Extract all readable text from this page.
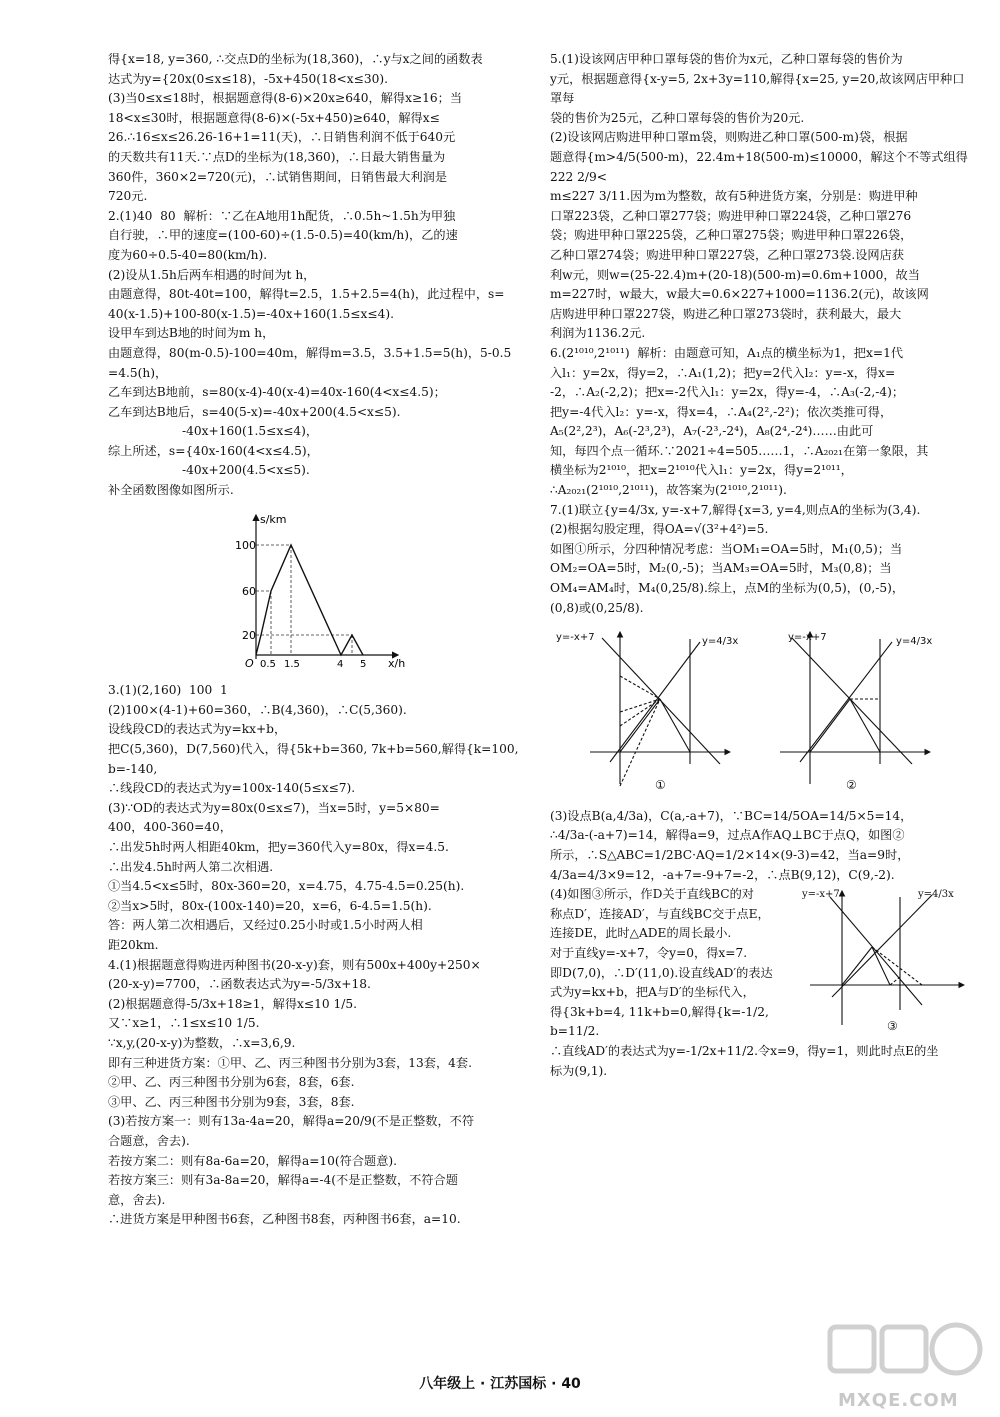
得{x=18, y=360, ∴交点D的坐标为(18,360)，∴y与x之间的函数表

达式为y={20x(0≤x≤18)，-5x+450(18<x≤30).

(3)当0≤x≤18时，根据题意得(8-6)×20x≥640，解得x≥16；当

18<x≤30时，根据题意得(8-6)×(-5x+450)≥640，解得x≤

26.∴16≤x≤26.26-16+1=11(天)，∴日销售利润不低于640元

的天数共有11天.∵点D的坐标为(18,360)，∴日最大销售量为

360件，360×2=720(元)，∴试销售期间，日销售最大利润是

720元.

2.(1)40  80  解析：∵乙在A地用1h配货，∴0.5h~1.5h为甲独

自行驶，∴甲的速度=(100-60)÷(1.5-0.5)=40(km/h)，乙的速

度为60÷0.5-40=80(km/h).

(2)设从1.5h后两车相遇的时间为t h，

由题意得，80t-40t=100，解得t=2.5，1.5+2.5=4(h)，此过程中，s=

40(x-1.5)+100-80(x-1.5)=-40x+160(1.5≤x≤4).

设甲车到达B地的时间为m h，

由题意得，80(m-0.5)-100=40m，解得m=3.5，3.5+1.5=5(h)，5-0.5

=4.5(h)，

乙车到达B地前，s=80(x-4)-40(x-4)=40x-160(4<x≤4.5)；

乙车到达B地后，s=40(5-x)=-40x+200(4.5<x≤5).

-40x+160(1.5≤x≤4)，

综上所述，s={40x-160(4<x≤4.5)，

-40x+200(4.5<x≤5).

补全函数图像如图所示.

s/km
x/h
O
100
60
20
0.5 1.5	4 5

3.(1)(2,160)  100  1

(2)100×(4-1)+60=360，∴B(4,360)，∴C(5,360).

设线段CD的表达式为y=kx+b，

把C(5,360)，D(7,560)代入，得{5k+b=360, 7k+b=560,解得{k=100, b=-140,

∴线段CD的表达式为y=100x-140(5≤x≤7).

(3)∵OD的表达式为y=80x(0≤x≤7)，当x=5时，y=5×80=

400，400-360=40，

∴出发5h时两人相距40km，把y=360代入y=80x，得x=4.5.

∴出发4.5h时两人第二次相遇.

①当4.5<x≤5时，80x-360=20，x=4.75，4.75-4.5=0.25(h).

②当x>5时，80x-(100x-140)=20，x=6，6-4.5=1.5(h).

答：两人第二次相遇后，又经过0.25小时或1.5小时两人相

距20km.

4.(1)根据题意得购进丙种图书(20-x-y)套，则有500x+400y+250×

(20-x-y)=7700，∴函数表达式为y=-5/3x+18.

(2)根据题意得-5/3x+18≥1，解得x≤10 1/5.

又∵x≥1，∴1≤x≤10 1/5.

∵x,y,(20-x-y)为整数，∴x=3,6,9.

即有三种进货方案：①甲、乙、丙三种图书分别为3套，13套，4套.

②甲、乙、丙三种图书分别为6套，8套，6套.

③甲、乙、丙三种图书分别为9套，3套，8套.

(3)若按方案一：则有13a-4a=20，解得a=20/9(不是正整数，不符

合题意，舍去).

若按方案二：则有8a-6a=20，解得a=10(符合题意).

若按方案三：则有3a-8a=20，解得a=-4(不是正整数，不符合题

意，舍去).

∴进货方案是甲种图书6套，乙种图书8套，丙种图书6套，a=10.

5.(1)设该网店甲种口罩每袋的售价为x元，乙种口罩每袋的售价为

y元，根据题意得{x-y=5, 2x+3y=110,解得{x=25, y=20,故该网店甲种口罩每

袋的售价为25元，乙种口罩每袋的售价为20元.

(2)设该网店购进甲种口罩m袋，则购进乙种口罩(500-m)袋，根据

题意得{m>4/5(500-m)，22.4m+18(500-m)≤10000，解这个不等式组得222 2/9<

m≤227 3/11.因为m为整数，故有5种进货方案，分别是：购进甲种

口罩223袋，乙种口罩277袋；购进甲种口罩224袋，乙种口罩276

袋；购进甲种口罩225袋，乙种口罩275袋；购进甲种口罩226袋，

乙种口罩274袋；购进甲种口罩227袋，乙种口罩273袋.设网店获

利w元，则w=(25-22.4)m+(20-18)(500-m)=0.6m+1000，故当

m=227时，w最大，w最大=0.6×227+1000=1136.2(元)，故该网

店购进甲种口罩227袋，购进乙种口罩273袋时，获利最大，最大

利润为1136.2元.

6.(2¹⁰¹⁰,2¹⁰¹¹)  解析：由题意可知，A₁点的横坐标为1，把x=1代

入l₁：y=2x，得y=2，∴A₁(1,2)；把y=2代入l₂：y=-x，得x=

-2，∴A₂(-2,2)；把x=-2代入l₁：y=2x，得y=-4，∴A₃(-2,-4)；

把y=-4代入l₂：y=-x，得x=4，∴A₄(2²,-2²)；依次类推可得，

A₅(2²,2³)，A₆(-2³,2³)，A₇(-2³,-2⁴)，A₈(2⁴,-2⁴)……由此可

知，每四个点一循环.∵2021÷4=505……1，∴A₂₀₂₁在第一象限，其

横坐标为2¹⁰¹⁰，把x=2¹⁰¹⁰代入l₁：y=2x，得y=2¹⁰¹¹，

∴A₂₀₂₁(2¹⁰¹⁰,2¹⁰¹¹)，故答案为(2¹⁰¹⁰,2¹⁰¹¹).

7.(1)联立{y=4/3x, y=-x+7,解得{x=3, y=4,则点A的坐标为(3,4).

(2)根据勾股定理，得OA=√(3²+4²)=5.

如图①所示，分四种情况考虑：当OM₁=OA=5时，M₁(0,5)；当

OM₂=OA=5时，M₂(0,-5)；当AM₃=OA=5时，M₃(0,8)；当

OM₄=AM₄时，M₄(0,25/8).综上，点M的坐标为(0,5)，(0,-5)，

(0,8)或(0,25/8).

y=-x+7	y=4/3x
①
y=-x+7	y=4/3x
②

(3)设点B(a,4/3a)，C(a,-a+7)，∵BC=14/5OA=14/5×5=14，

∴4/3a-(-a+7)=14，解得a=9，过点A作AQ⊥BC于点Q，如图②

所示，∴S△ABC=1/2BC·AQ=1/2×14×(9-3)=42，当a=9时，

4/3a=4/3×9=12，-a+7=-9+7=-2，∴点B(9,12)，C(9,-2).

(4)如图③所示，作D关于直线BC的对

称点D′，连接AD′，与直线BC交于点E，

连接DE，此时△ADE的周长最小.

对于直线y=-x+7，令y=0，得x=7.

即D(7,0)，∴D′(11,0).设直线AD′的表达

式为y=kx+b，把A与D′的坐标代入，

得{3k+b=4, 11k+b=0,解得{k=-1/2, b=11/2.

y=-x+7	y=4/3x
③

∴直线AD′的表达式为y=-1/2x+11/2.令x=9，得y=1，则此时点E的坐

标为(9,1).

八年级上 · 江苏国标 · 40
MXQE.COM
